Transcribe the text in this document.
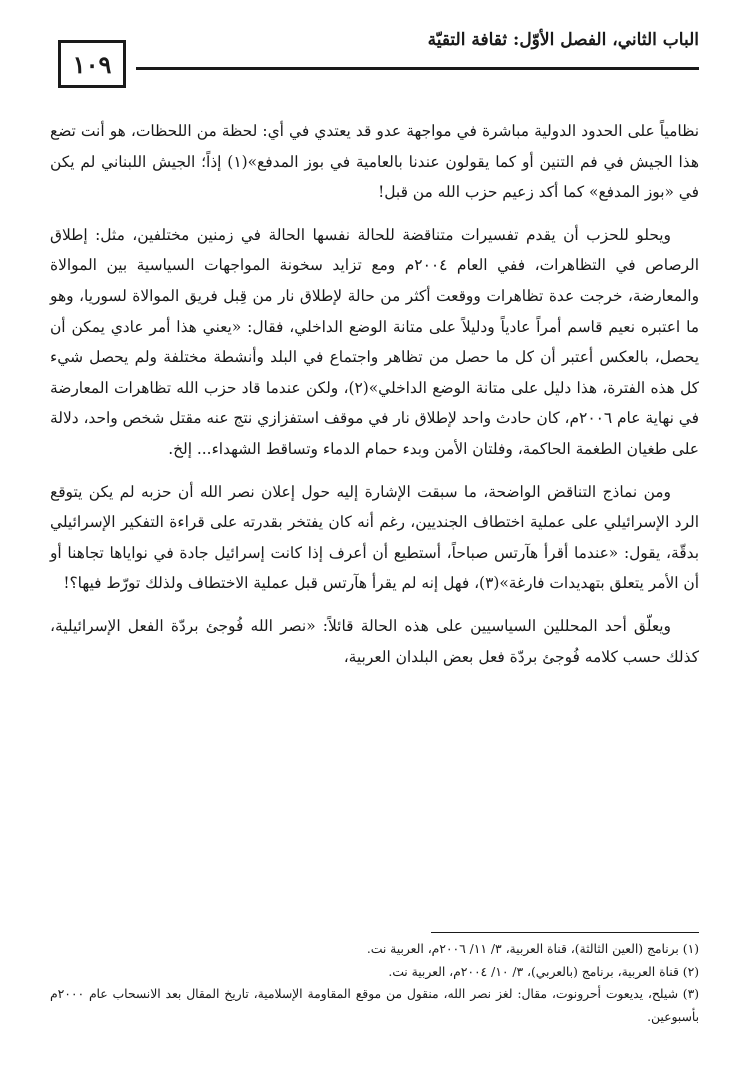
الباب الثاني، الفصل الأوّل: ثقافة التقيّة
١٠٩

نظامياً على الحدود الدولية مباشرة في مواجهة عدو قد يعتدي في أي: لحظة من اللحظات، هو أنت تضع هذا الجيش في فم التنين أو كما يقولون عندنا بالعامية في بوز المدفع»(١) إذاً؛ الجيش اللبناني لم يكن في «بوز المدفع» كما أكد زعيم حزب الله من قبل!

ويحلو للحزب أن يقدم تفسيرات متناقضة للحالة نفسها الحالة في زمنين مختلفين، مثل: إطلاق الرصاص في التظاهرات، ففي العام ٢٠٠٤م ومع تزايد سخونة المواجهات السياسية بين الموالاة والمعارضة، خرجت عدة تظاهرات ووقعت أكثر من حالة لإطلاق نار من قِبل فريق الموالاة لسوريا، وهو ما اعتبره نعيم قاسم أمراً عادياً ودليلاً على متانة الوضع الداخلي، فقال: «يعني هذا أمر عادي يمكن أن يحصل، بالعكس أعتبر أن كل ما حصل من تظاهر واجتماع في البلد وأنشطة مختلفة ولم يحصل شيء كل هذه الفترة، هذا دليل على متانة الوضع الداخلي»(٢)، ولكن عندما قاد حزب الله تظاهرات المعارضة في نهاية عام ٢٠٠٦م، كان حادث واحد لإطلاق نار في موقف استفزازي نتج عنه مقتل شخص واحد، دلالة على طغيان الطغمة الحاكمة، وفلتان الأمن وبدء حمام الدماء وتساقط الشهداء... إلخ.

ومن نماذج التناقض الواضحة، ما سبقت الإشارة إليه حول إعلان نصر الله أن حزبه لم يكن يتوقع الرد الإسرائيلي على عملية اختطاف الجنديين، رغم أنه كان يفتخر بقدرته على قراءة التفكير الإسرائيلي بدقّة، يقول: «عندما أقرأ هآرتس صباحاً، أستطيع أن أعرف إذا كانت إسرائيل جادة في نواياها تجاهنا أو أن الأمر يتعلق بتهديدات فارغة»(٣)، فهل إنه لم يقرأ هآرتس قبل عملية الاختطاف ولذلك تورّط فيها؟!

ويعلّق أحد المحللين السياسيين على هذه الحالة قائلاً: «نصر الله فُوجئ بردّة الفعل الإسرائيلية، كذلك حسب كلامه فُوجئ بردّة فعل بعض البلدان العربية،

(١) برنامج (العين الثالثة)، قناة العربية، ٣/ ١١/ ٢٠٠٦م، العربية نت.

(٢) قناة العربية، برنامج (بالعربي)، ٣/ ١٠/ ٢٠٠٤م، العربية نت.

(٣) شيلح، يديعوت أحرونوت، مقال: لغز نصر الله، منقول من موقع المقاومة الإسلامية، تاريخ المقال بعد الانسحاب عام ٢٠٠٠م بأسبوعين.
